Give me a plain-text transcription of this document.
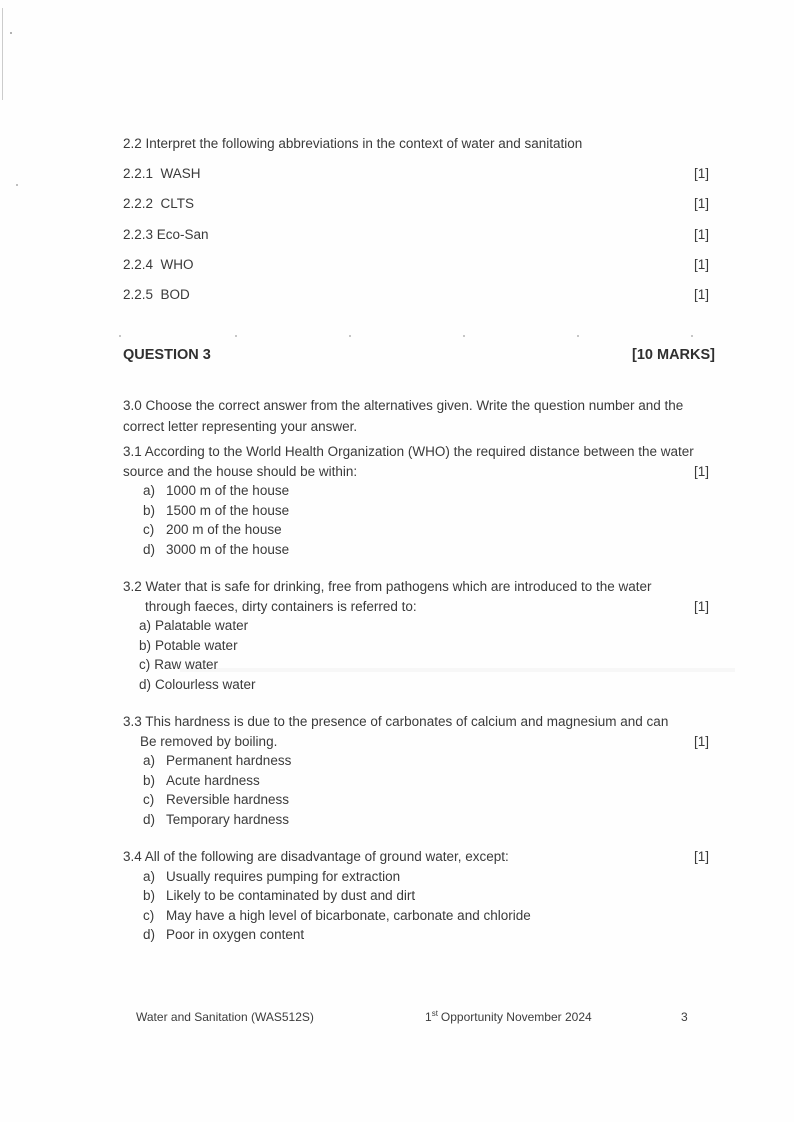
2.2 Interpret the following abbreviations in the context of water and sanitation
2.2.1  WASH	[1]
2.2.2  CLTS	[1]
2.2.3 Eco-San	[1]
2.2.4  WHO	[1]
2.2.5  BOD	[1]
QUESTION 3	[10 MARKS]
3.0 Choose the correct answer from the alternatives given. Write the question number and the
correct letter representing your answer.
[1]
3.1 According to the World Health Organization (WHO) the required distance between the water
source and the house should be within:
a) 1000 m of the house
b) 1500 m of the house
c) 200 m of the house
d) 3000 m of the house
[1]
3.2 Water that is safe for drinking, free from pathogens which are introduced to the water
through faeces, dirty containers is referred to:
a) Palatable water
b) Potable water
c) Raw water
d) Colourless water
[1]
3.3 This hardness is due to the presence of carbonates of calcium and magnesium and can
Be removed by boiling.
a) Permanent hardness
b) Acute hardness
c) Reversible hardness
d) Temporary hardness
[1]
3.4 All of the following are disadvantage of ground water, except:
a) Usually requires pumping for extraction
b) Likely to be contaminated by dust and dirt
c) May have a high level of bicarbonate, carbonate and chloride
d) Poor in oxygen content
Water and Sanitation (WAS512S)	1st Opportunity November 2024	3
